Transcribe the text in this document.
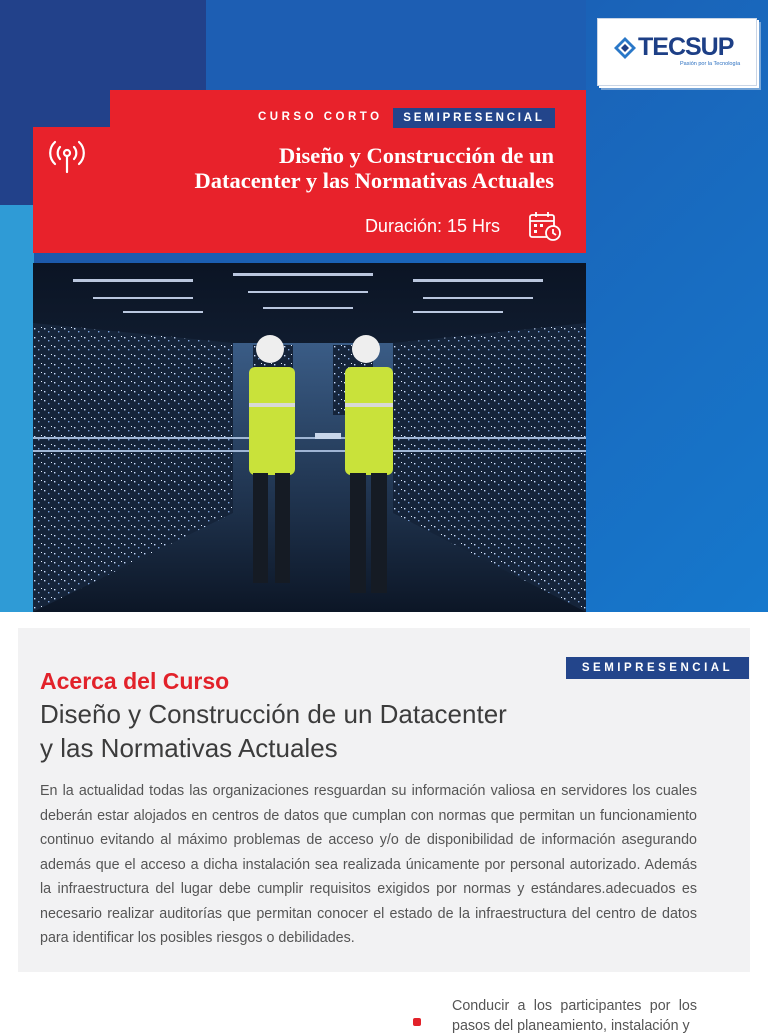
TECSUP
Pasión por la Tecnología
CURSO CORTO	SEMIPRESENCIAL
Diseño y Construcción de un
Datacenter y las Normativas Actuales
Duración: 15 Hrs
SEMIPRESENCIAL
Acerca del Curso
Diseño y Construcción de un Datacenter
y las Normativas Actuales
En la actualidad todas las organizaciones resguardan su información valiosa en servidores los cuales deberán estar alojados en centros de datos que cumplan con normas que permitan un funcionamiento continuo evitando al máximo problemas de acceso y/o de disponibilidad de información asegurando además que el acceso a dicha instalación sea realizada únicamente por personal autorizado. Además la infraestructura del lugar debe cumplir requisitos exigidos por normas y estándares.adecuados es necesario realizar auditorías que permitan conocer el estado de la infraestructura del centro de datos para identificar los posibles riesgos o debilidades.
Conducir a los participantes por los pasos del planeamiento, instalación y
